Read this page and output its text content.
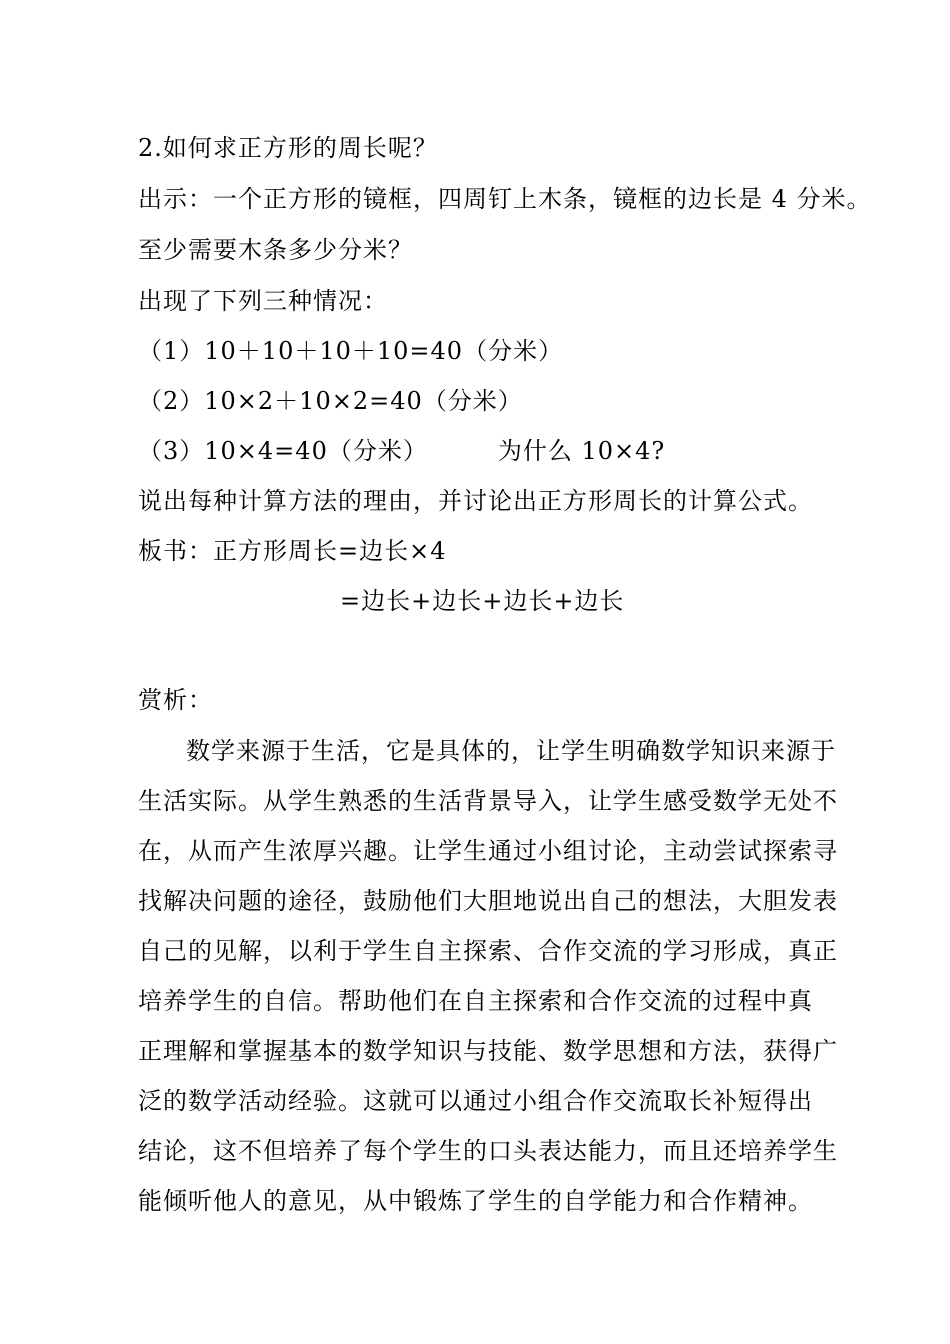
2.如何求正方形的周长呢？
出示：一个正方形的镜框，四周钉上木条，镜框的边长是 4 分米。
至少需要木条多少分米？
出现了下列三种情况：
（1）10＋10＋10＋10=40（分米）
（2）10×2＋10×2=40（分米）
（3）10×4=40（分米）	为什么 10×4?
说出每种计算方法的理由，并讨论出正方形周长的计算公式。
板书：正方形周长=边长×4
=边长+边长+边长+边长
赏析：
数学来源于生活，它是具体的，让学生明确数学知识来源于
生活实际。从学生熟悉的生活背景导入，让学生感受数学无处不
在，从而产生浓厚兴趣。让学生通过小组讨论，主动尝试探索寻
找解决问题的途径，鼓励他们大胆地说出自己的想法，大胆发表
自己的见解，以利于学生自主探索、合作交流的学习形成，真正
培养学生的自信。帮助他们在自主探索和合作交流的过程中真
正理解和掌握基本的数学知识与技能、数学思想和方法，获得广
泛的数学活动经验。这就可以通过小组合作交流取长补短得出
结论，这不但培养了每个学生的口头表达能力，而且还培养学生
能倾听他人的意见，从中锻炼了学生的自学能力和合作精神。
